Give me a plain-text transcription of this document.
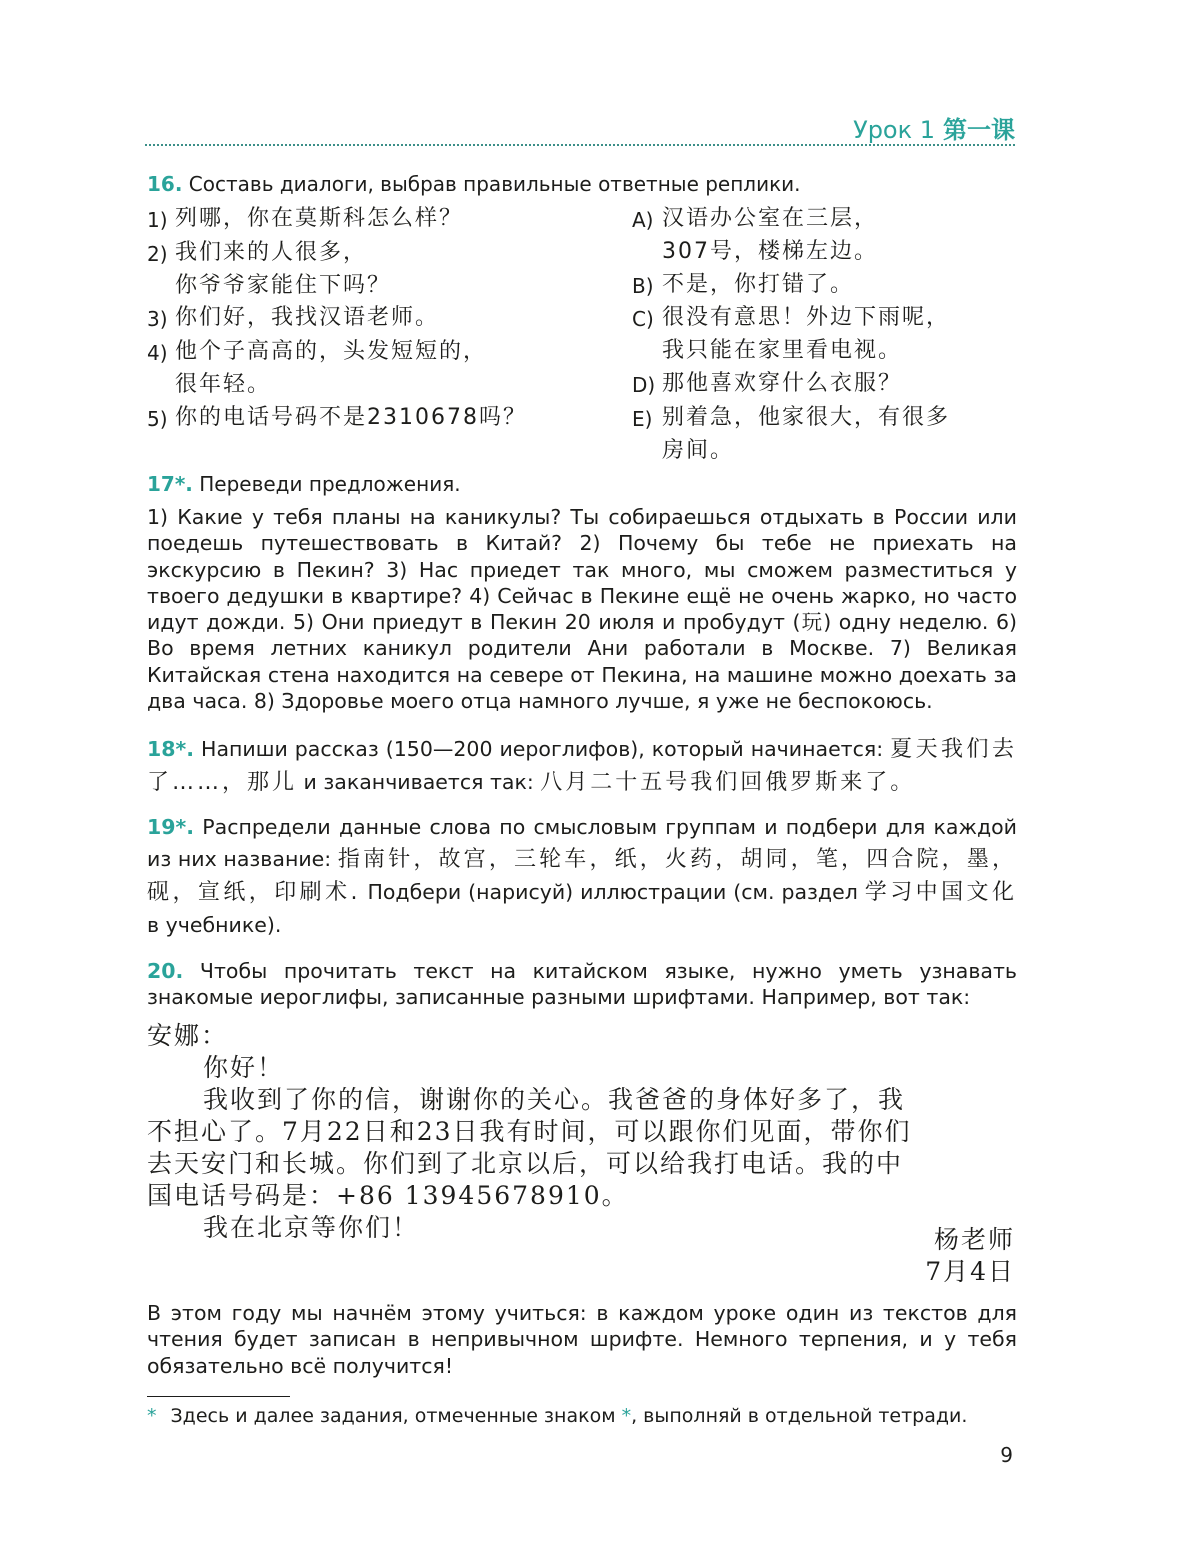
Урок 1 第一课
16. Составь диалоги, выбрав правильные ответные реплики.
1) 列哪，你在莫斯科怎么样？
2) 我们来的人很多，
你爷爷家能住下吗？
3) 你们好，我找汉语老师。
4) 他个子高高的，头发短短的，
很年轻。
5) 你的电话号码不是2310678吗？
A) 汉语办公室在三层，
307号，楼梯左边。
B) 不是，你打错了。
C) 很没有意思！外边下雨呢，
我只能在家里看电视。
D) 那他喜欢穿什么衣服？
E) 别着急，他家很大，有很多
房间。
17*. Переведи предложения.
1) Какие у тебя планы на каникулы? Ты собираешься отдыхать в России или поедешь путешествовать в Китай? 2) Почему бы тебе не приехать на экскурсию в Пекин? 3) Нас приедет так много, мы сможем разместиться у твоего дедушки в квартире? 4) Сейчас в Пекине ещё не очень жарко, но часто идут дожди. 5) Они приедут в Пекин 20 июля и пробудут (玩) одну неделю. 6) Во время летних каникул родители Ани работали в Москве. 7) Великая Китайская стена находится на севере от Пекина, на машине можно доехать за два часа. 8) Здоровье моего отца намного лучше, я уже не беспокоюсь.
18*. Напиши рассказ (150—200 иероглифов), который начинается: 夏天我们去了……，那儿 и заканчивается так: 八月二十五号我们回俄罗斯来了。
19*. Распредели данные слова по смысловым группам и подбери для каждой из них название: 指南针，故宫，三轮车，纸，火药，胡同，笔，四合院，墨，砚，宣纸，印刷术. Подбери (нарисуй) иллюстрации (см. раздел 学习中国文化 в учебнике).
20. Чтобы прочитать текст на китайском языке, нужно уметь узнавать знакомые иероглифы, записанные разными шрифтами. Например, вот так:
安娜：
你好！
我收到了你的信，谢谢你的关心。我爸爸的身体好多了，我
不担心了。7月22日和23日我有时间，可以跟你们见面，带你们
去天安门和长城。你们到了北京以后，可以给我打电话。我的中
国电话号码是：+86 13945678910。
我在北京等你们！	杨老师
7月4日
В этом году мы начнём этому учиться: в каждом уроке один из текстов для чтения будет записан в непривычном шрифте. Немного терпения, и у тебя обязательно всё получится!
* Здесь и далее задания, отмеченные знаком *, выполняй в отдельной тетради.
9
